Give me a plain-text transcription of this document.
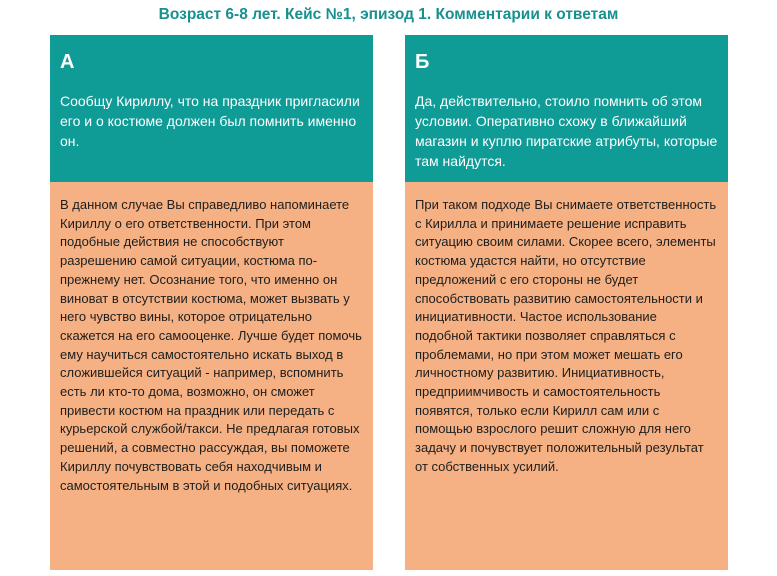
Возраст 6-8 лет. Кейс №1, эпизод 1. Комментарии к ответам
А
Сообщу Кириллу, что на праздник пригласили его и о костюме должен был помнить именно он.
В данном случае Вы справедливо напоминаете Кириллу о его ответственности. При этом подобные действия не способствуют разрешению самой ситуации, костюма по-прежнему нет. Осознание того, что именно он виноват в отсутствии костюма, может вызвать у него чувство вины, которое отрицательно скажется на его самооценке. Лучше будет помочь ему научиться самостоятельно искать выход в сложившейся ситуаций - например, вспомнить есть ли кто-то дома, возможно, он сможет привести костюм на праздник или передать с курьерской службой/такси. Не предлагая готовых решений, а совместно рассуждая, вы поможете Кириллу почувствовать себя находчивым и самостоятельным в этой и подобных ситуациях.
Б
Да, действительно, стоило помнить об этом условии. Оперативно схожу в ближайший магазин и куплю пиратские атрибуты, которые там найдутся.
При таком подходе Вы снимаете ответственность с Кирилла и принимаете решение исправить ситуацию своим силами. Скорее всего, элементы костюма удастся найти, но отсутствие предложений с его стороны не будет способствовать развитию самостоятельности и инициативности. Частое использование подобной тактики позволяет справляться с проблемами, но при этом может мешать его личностному развитию. Инициативность, предприимчивость и самостоятельность появятся, только если Кирилл сам или с помощью взрослого решит сложную для него задачу и почувствует положительный результат от собственных усилий.
